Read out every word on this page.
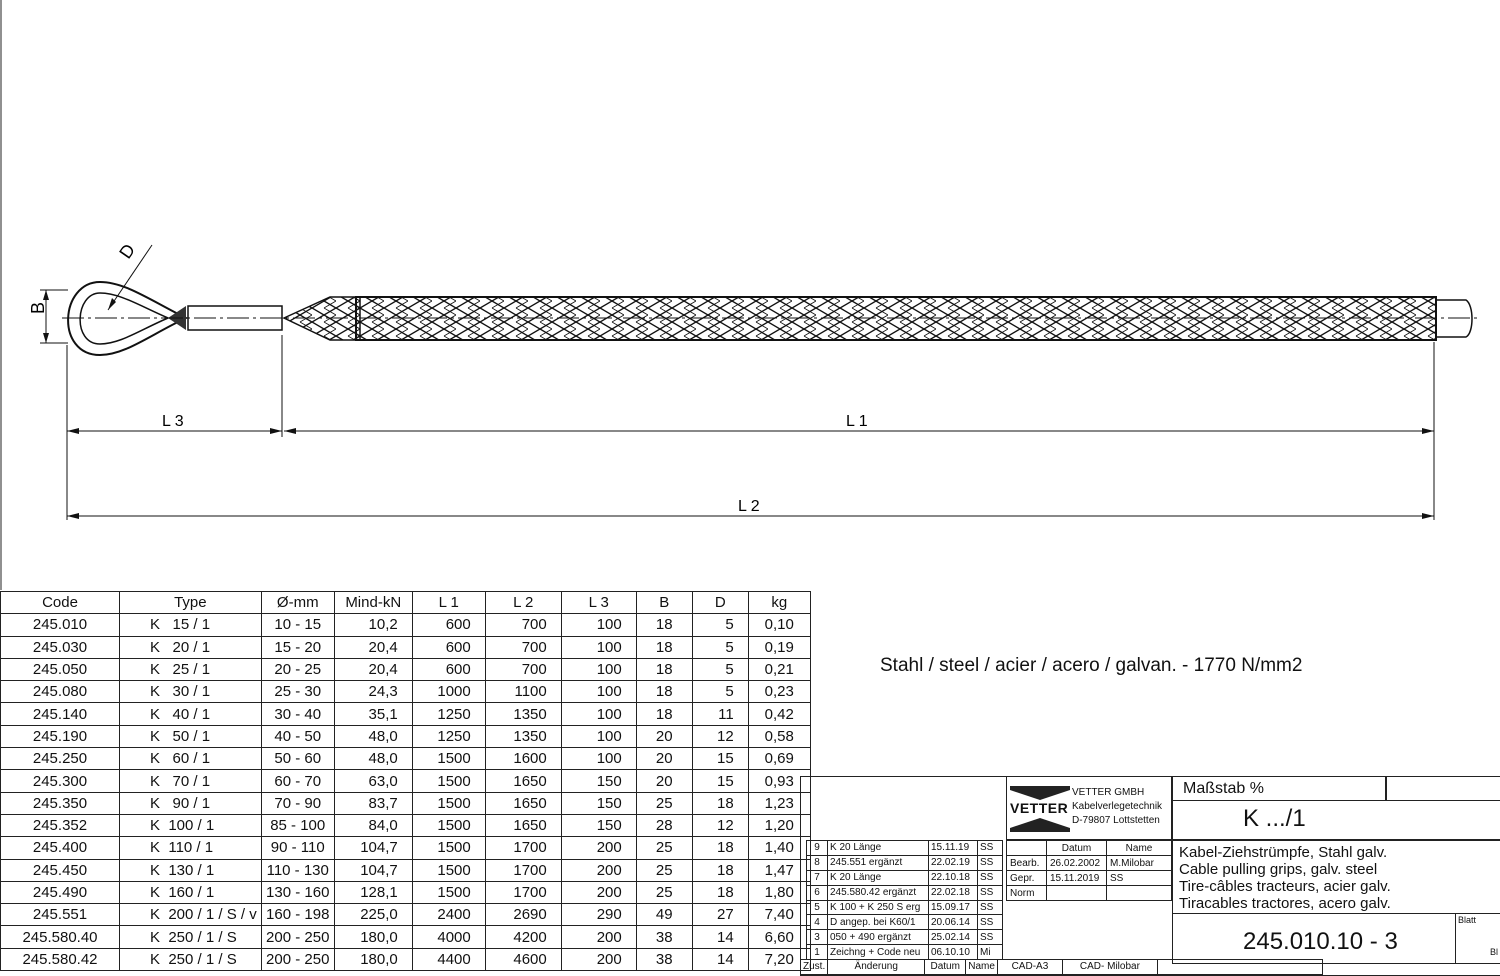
D
B
L 3	L 1
L 2
Code	Type	Ø-mm	Mind-kN	L 1	L 2	L 3	B	D	kg
245.010	K   15 / 1	10 - 15	10,2	600	700	100	18	5	0,10
245.030	K   20 / 1	15 - 20	20,4	600	700	100	18	5	0,19
245.050	K   25 / 1	20 - 25	20,4	600	700	100	18	5	0,21
245.080	K   30 / 1	25 - 30	24,3	1000	1100	100	18	5	0,23
245.140	K   40 / 1	30 - 40	35,1	1250	1350	100	18	11	0,42
245.190	K   50 / 1	40 - 50	48,0	1250	1350	100	20	12	0,58
245.250	K   60 / 1	50 - 60	48,0	1500	1600	100	20	15	0,69
245.300	K   70 / 1	60 - 70	63,0	1500	1650	150	20	15	0,93
245.350	K   90 / 1	70 - 90	83,7	1500	1650	150	25	18	1,23
245.352	K  100 / 1	85 - 100	84,0	1500	1650	150	28	12	1,20
245.400	K  110 / 1	90 - 110	104,7	1500	1700	200	25	18	1,40
245.450	K  130 / 1	110 - 130	104,7	1500	1700	200	25	18	1,47
245.490	K  160 / 1	130 - 160	128,1	1500	1700	200	25	18	1,80
245.551	K  200 / 1 / S / v	160 - 198	225,0	2400	2690	290	49	27	7,40
245.580.40	K  250 / 1 / S	200 - 250	180,0	4000	4200	200	38	14	6,60
245.580.42	K  250 / 1 / S	200 - 250	180,0	4400	4600	200	38	14	7,20
Stahl / steel / acier / acero / galvan. - 1770 N/mm2
Maßstab %
K .../1
VETTER
VETTER GMBH
Kabelverlegetechnik
D-79807 Lottstetten
Kabel-Ziehstrümpfe, Stahl galv.
Cable pulling grips, galv. steel
Tire-câbles tracteurs, acier galv.
Tiracables tractores, acero galv.
245.010.10 - 3
Blatt
Bl
	Datum	Name
Bearb.	26.02.2002	M.Milobar
Gepr.	15.11.2019	SS
Norm		
9	K 20 Länge	15.11.19	SS
8	245.551 ergänzt	22.02.19	SS
7	K 20 Länge	22.10.18	SS
6	245.580.42 ergänzt	22.02.18	SS
5	K 100 + K 250 S erg	15.09.17	SS
4	D angep. bei K60/1	20.06.14	SS
3	050 + 490 ergänzt	25.02.14	SS
1	Zeichng + Code neu	06.10.10	Mi
Zust.	Änderung	Datum	Name	CAD-A3	CAD- Milobar	
